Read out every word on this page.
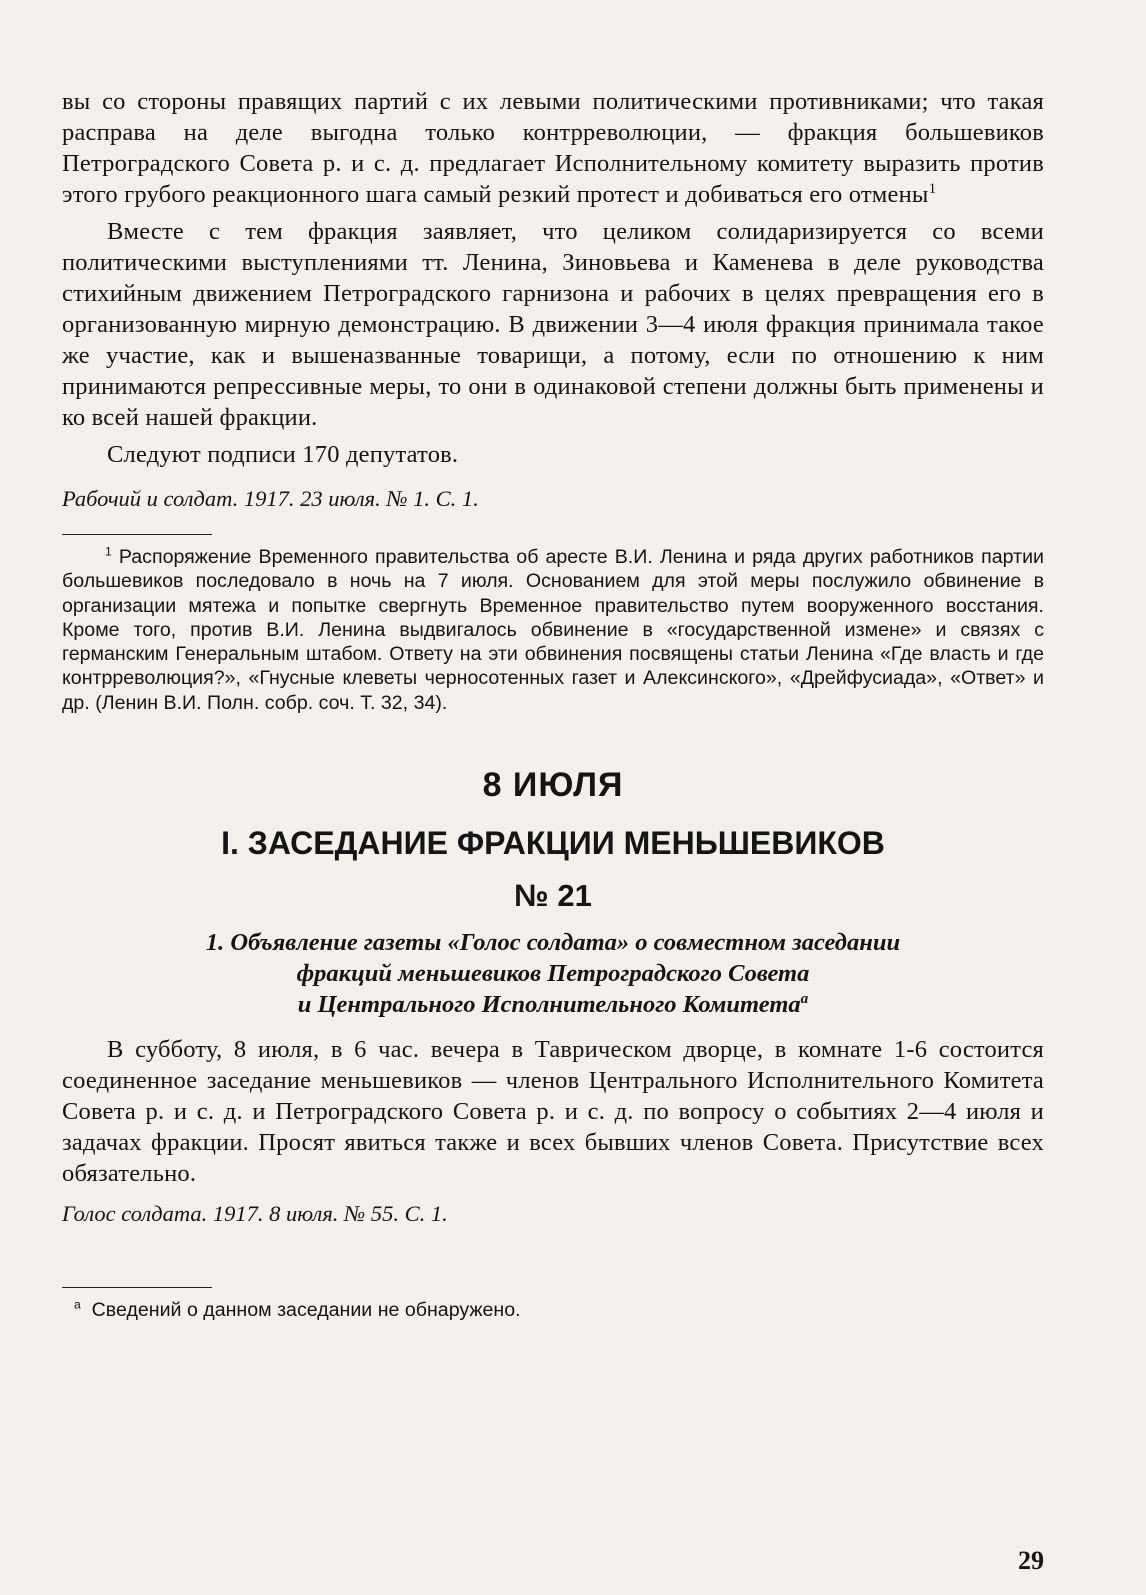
вы со стороны правящих партий с их левыми политическими противниками; что такая расправа на деле выгодна только контрреволюции, — фракция большевиков Петроградского Совета р. и с. д. предлагает Исполнительному комитету выразить против этого грубого реакционного шага самый резкий протест и добиваться его отмены$^1$

Вместе с тем фракция заявляет, что целиком солидаризируется со всеми политическими выступлениями тт. Ленина, Зиновьева и Каменева в деле руководства стихийным движением Петроградского гарнизона и рабочих в целях превращения его в организованную мирную демонстрацию. В движении 3—4 июля фракция принимала такое же участие, как и вышеназванные товарищи, а потому, если по отношению к ним принимаются репрессивные меры, то они в одинаковой степени должны быть применены и ко всей нашей фракции.

Следуют подписи 170 депутатов.

Рабочий и солдат. 1917. 23 июля. № 1. С. 1.

$^1$ Распоряжение Временного правительства об аресте В.И. Ленина и ряда других работников партии большевиков последовало в ночь на 7 июля. Основанием для этой меры послужило обвинение в организации мятежа и попытке свергнуть Временное правительство путем вооруженного восстания. Кроме того, против В.И. Ленина выдвигалось обвинение в «государственной измене» и связях с германским Генеральным штабом. Ответу на эти обвинения посвящены статьи Ленина «Где власть и где контрреволюция?», «Гнусные клеветы черносотенных газет и Алексинского», «Дрейфусиада», «Ответ» и др. (Ленин В.И. Полн. собр. соч. Т. 32, 34).

8 ИЮЛЯ
I. ЗАСЕДАНИЕ ФРАКЦИИ МЕНЬШЕВИКОВ
№ 21
1. Объявление газеты «Голос солдата» о совместном заседании
фракций меньшевиков Петроградского Совета
и Центрального Исполнительного Комитета$^a$

В субботу, 8 июля, в 6 час. вечера в Таврическом дворце, в комнате 1-6 состоится соединенное заседание меньшевиков — членов Центрального Исполнительного Комитета Совета р. и с. д. и Петроградского Совета р. и с. д. по вопросу о событиях 2—4 июля и задачах фракции. Просят явиться также и всех бывших членов Совета. Присутствие всех обязательно.

Голос солдата. 1917. 8 июля. № 55. С. 1.

$^a$ Сведений о данном заседании не обнаружено.

29
